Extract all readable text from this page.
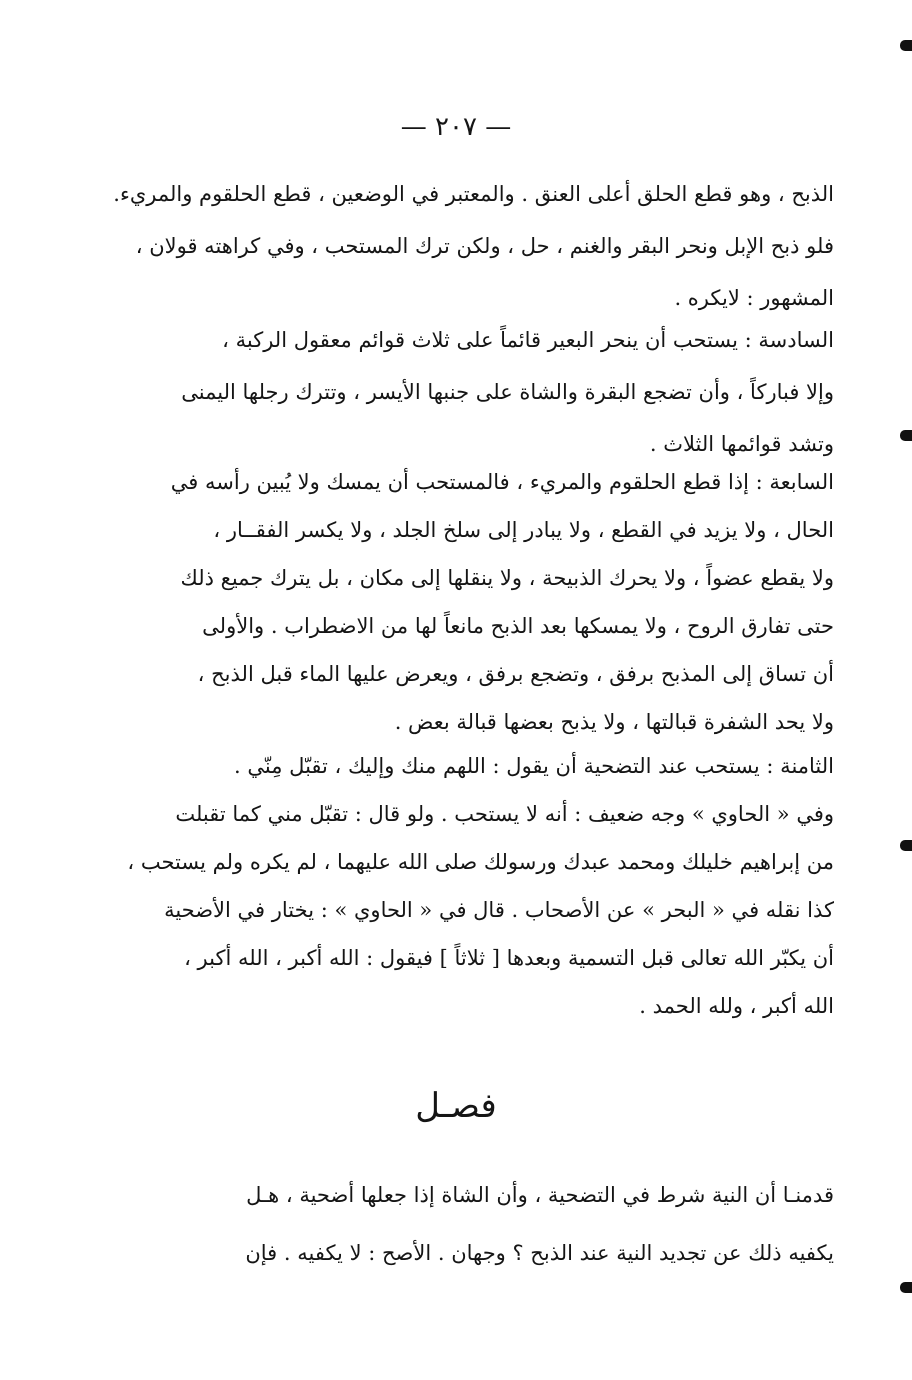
— ٢٠٧ —
الذبح ، وهو قطع الحلق أعلى العنق . والمعتبر في الوضعين ، قطع الحلقوم والمريء.
فلو ذبح الإبل ونحر البقر والغنم ، حل ، ولكن ترك المستحب ، وفي كراهته قولان ،
المشهور : لايكره .
السادسة : يستحب أن ينحر البعير قائماً على ثلاث قوائم معقول الركبة ،
وإلا فباركاً ، وأن تضجع البقرة والشاة على جنبها الأيسر ، وتترك رجلها اليمنى
وتشد قوائمها الثلاث .
السابعة : إذا قطع الحلقوم والمريء ، فالمستحب أن يمسك ولا يُبين رأسه في
الحال ، ولا يزيد في القطع ، ولا يبادر إلى سلخ الجلد ، ولا يكسر الفقــار ،
ولا يقطع عضواً ، ولا يحرك الذبيحة ، ولا ينقلها إلى مكان ، بل يترك جميع ذلك
حتى تفارق الروح ، ولا يمسكها بعد الذبح مانعاً لها من الاضطراب . والأولى
أن تساق إلى المذبح برفق ، وتضجع برفق ، ويعرض عليها الماء قبل الذبح ،
ولا يحد الشفرة قبالتها ، ولا يذبح بعضها قبالة بعض .
الثامنة : يستحب عند التضحية أن يقول : اللهم منك وإليك ، تقبّل مِنّي .
وفي « الحاوي » وجه ضعيف : أنه لا يستحب . ولو قال : تقبّل مني كما تقبلت
من إبراهيم خليلك ومحمد عبدك ورسولك صلى الله عليهما ، لم يكره ولم يستحب ،
كذا نقله في « البحر » عن الأصحاب . قال في « الحاوي » : يختار في الأضحية
أن يكبّر الله تعالى قبل التسمية وبعدها [ ثلاثاً ] فيقول : الله أكبر ، الله أكبر ،
الله أكبر ، ولله الحمد .
فصـل
قدمنـا أن النية شرط في التضحية ، وأن الشاة إذا جعلها أضحية ، هـل
يكفيه ذلك عن تجديد النية عند الذبح ؟ وجهان . الأصح : لا يكفيه . فإن
